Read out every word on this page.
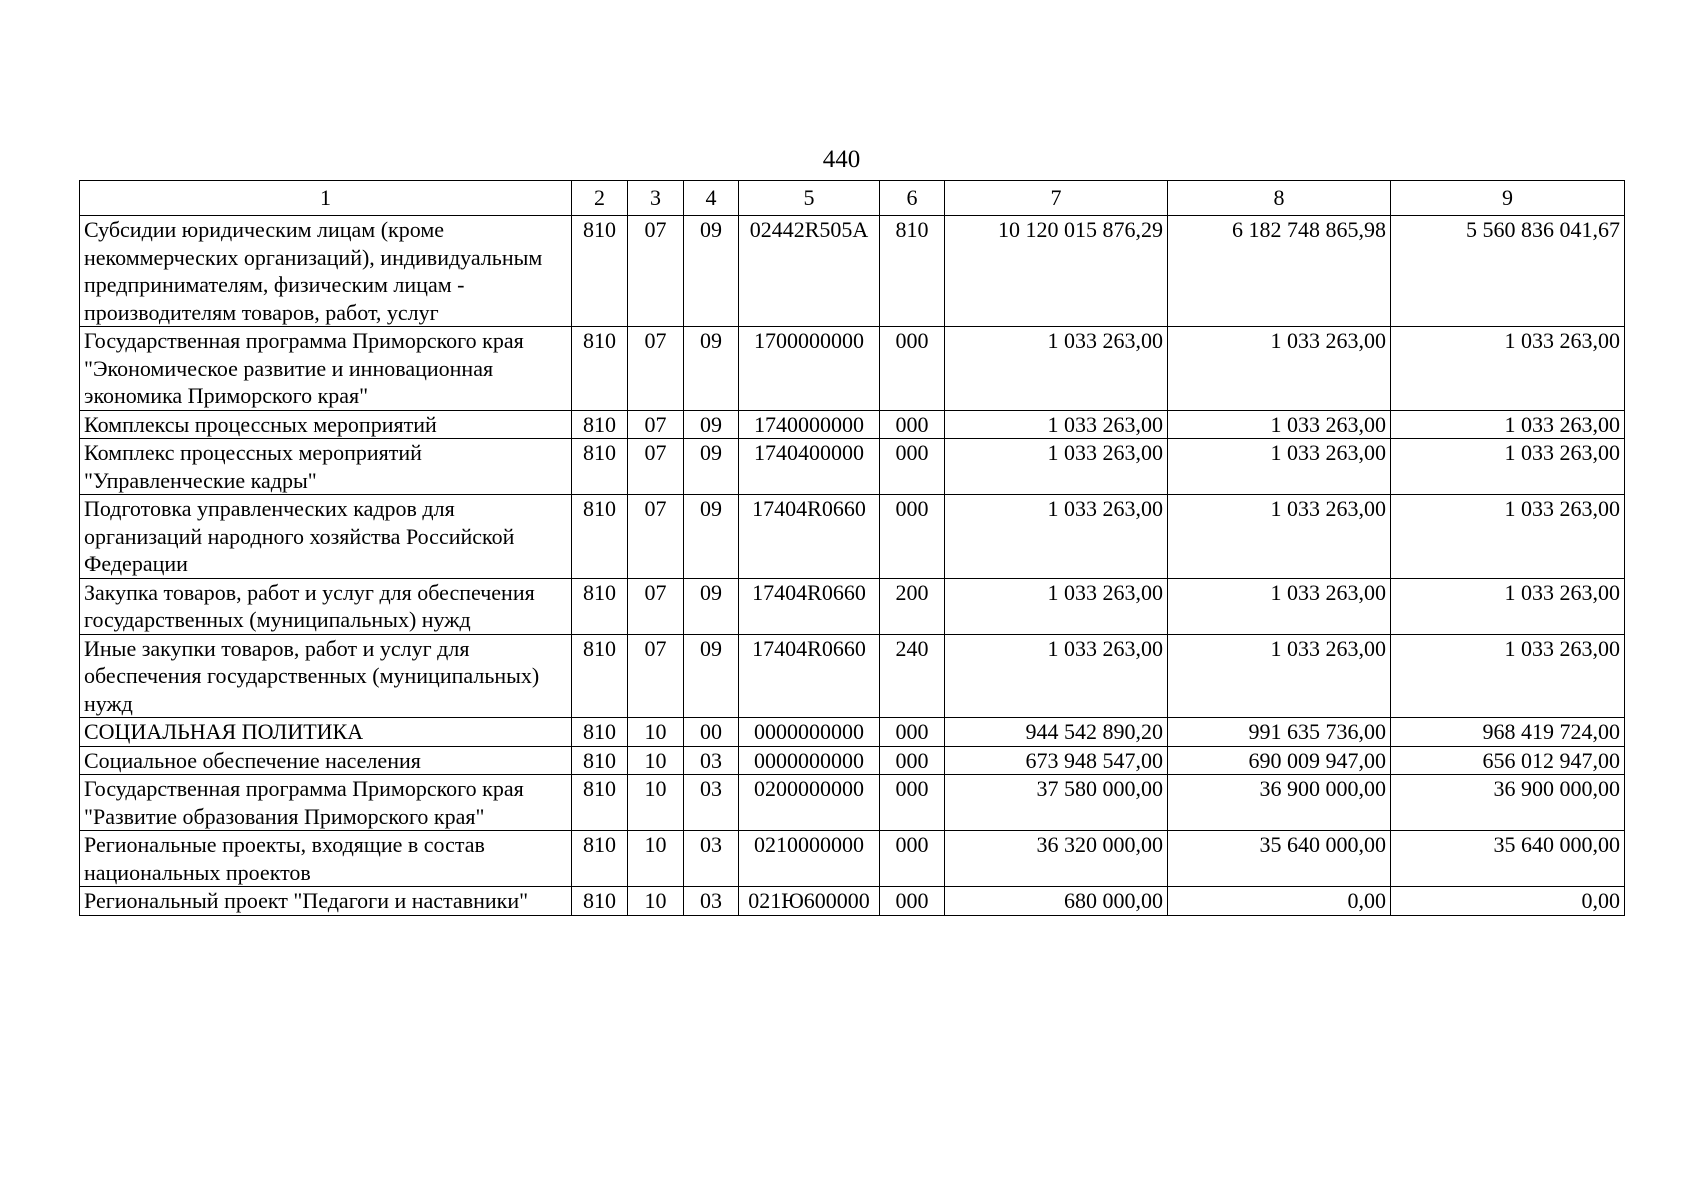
440
1	2	3	4	5	6	7	8	9
Субсидии юридическим лицам (кроме некоммерческих организаций), индивидуальным предпринимателям, физическим лицам - производителям товаров, работ, услуг	810	07	09	02442R505A	810	10 120 015 876,29	6 182 748 865,98	5 560 836 041,67
Государственная программа Приморского края "Экономическое развитие и инновационная экономика Приморского края"	810	07	09	1700000000	000	1 033 263,00	1 033 263,00	1 033 263,00
Комплексы процессных мероприятий	810	07	09	1740000000	000	1 033 263,00	1 033 263,00	1 033 263,00
Комплекс процессных мероприятий "Управленческие кадры"	810	07	09	1740400000	000	1 033 263,00	1 033 263,00	1 033 263,00
Подготовка управленческих кадров для организаций народного хозяйства Российской Федерации	810	07	09	17404R0660	000	1 033 263,00	1 033 263,00	1 033 263,00
Закупка товаров, работ и услуг для обеспечения государственных (муниципальных) нужд	810	07	09	17404R0660	200	1 033 263,00	1 033 263,00	1 033 263,00
Иные закупки товаров, работ и услуг для обеспечения государственных (муниципальных) нужд	810	07	09	17404R0660	240	1 033 263,00	1 033 263,00	1 033 263,00
СОЦИАЛЬНАЯ ПОЛИТИКА	810	10	00	0000000000	000	944 542 890,20	991 635 736,00	968 419 724,00
Социальное обеспечение населения	810	10	03	0000000000	000	673 948 547,00	690 009 947,00	656 012 947,00
Государственная программа Приморского края "Развитие образования Приморского края"	810	10	03	0200000000	000	37 580 000,00	36 900 000,00	36 900 000,00
Региональные проекты, входящие в состав национальных проектов	810	10	03	0210000000	000	36 320 000,00	35 640 000,00	35 640 000,00
Региональный проект "Педагоги и наставники"	810	10	03	021Ю600000	000	680 000,00	0,00	0,00
